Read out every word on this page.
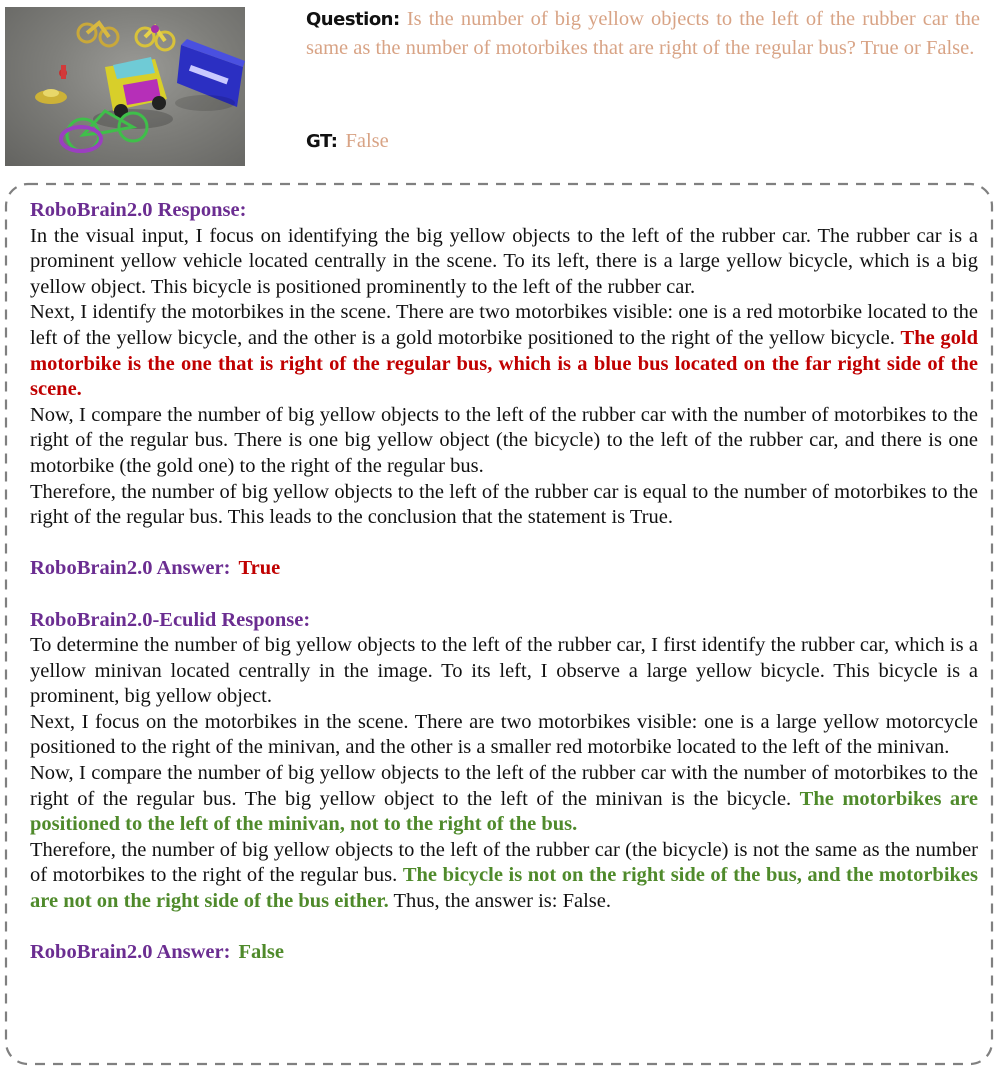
Question: Is the number of big yellow objects to the left of the rubber car the same as the number of motorbikes that are right of the regular bus? True or False.
GT: False

RoboBrain2.0 Response:

In the visual input, I focus on identifying the big yellow objects to the left of the rubber car. The rubber car is a prominent yellow vehicle located centrally in the scene. To its left, there is a large yellow bicycle, which is a big yellow object. This bicycle is positioned prominently to the left of the rubber car.

Next, I identify the motorbikes in the scene. There are two motorbikes visible: one is a red motorbike located to the left of the yellow bicycle, and the other is a gold motorbike positioned to the right of the yellow bicycle. The gold motorbike is the one that is right of the regular bus, which is a blue bus located on the far right side of the scene.

Now, I compare the number of big yellow objects to the left of the rubber car with the number of motorbikes to the right of the regular bus. There is one big yellow object (the bicycle) to the left of the rubber car, and there is one motorbike (the gold one) to the right of the regular bus.

Therefore, the number of big yellow objects to the left of the rubber car is equal to the number of motorbikes to the right of the regular bus. This leads to the conclusion that the statement is True.

RoboBrain2.0 Answer: True

RoboBrain2.0-Eculid Response:

To determine the number of big yellow objects to the left of the rubber car, I first identify the rubber car, which is a yellow minivan located centrally in the image. To its left, I observe a large yellow bicycle. This bicycle is a prominent, big yellow object.

Next, I focus on the motorbikes in the scene. There are two motorbikes visible: one is a large yellow motorcycle positioned to the right of the minivan, and the other is a smaller red motorbike located to the left of the minivan.

Now, I compare the number of big yellow objects to the left of the rubber car with the number of motorbikes to the right of the regular bus. The big yellow object to the left of the minivan is the bicycle. The motorbikes are positioned to the left of the minivan, not to the right of the bus.

Therefore, the number of big yellow objects to the left of the rubber car (the bicycle) is not the same as the number of motorbikes to the right of the regular bus. The bicycle is not on the right side of the bus, and the motorbikes are not on the right side of the bus either. Thus, the answer is: False.

RoboBrain2.0 Answer: False
